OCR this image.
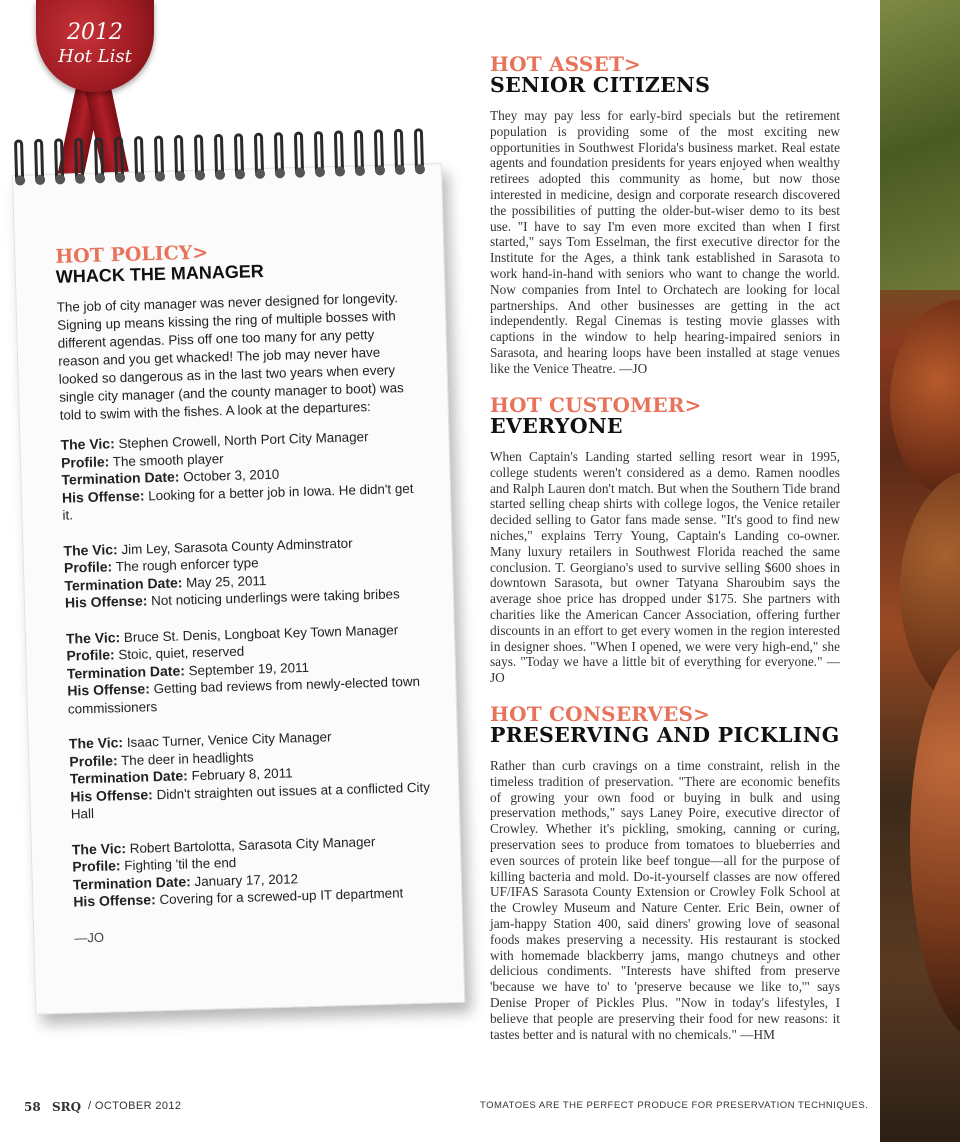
2012
Hot List
HOT POLICY>
WHACK THE MANAGER
The job of city manager was never designed for longevity. Signing up means kissing the ring of multiple bosses with different agendas. Piss off one too many for any petty reason and you get whacked! The job may never have looked so dangerous as in the last two years when every single city manager (and the county manager to boot) was told to swim with the fishes. A look at the departures:
The Vic: Stephen Crowell, North Port City Manager
Profile: The smooth player
Termination Date: October 3, 2010
His Offense: Looking for a better job in Iowa. He didn't get it.
The Vic: Jim Ley, Sarasota County Adminstrator
Profile: The rough enforcer type
Termination Date: May 25, 2011
His Offense: Not noticing underlings were taking bribes
The Vic: Bruce St. Denis, Longboat Key Town Manager
Profile: Stoic, quiet, reserved
Termination Date: September 19, 2011
His Offense: Getting bad reviews from newly-elected town commissioners
The Vic: Isaac Turner, Venice City Manager
Profile: The deer in headlights
Termination Date: February 8, 2011
His Offense: Didn't straighten out issues at a conflicted City Hall
The Vic: Robert Bartolotta, Sarasota City Manager
Profile: Fighting 'til the end
Termination Date: January 17, 2012
His Offense: Covering for a screwed-up IT department
—JO
HOT ASSET>
SENIOR CITIZENS

They may pay less for early-bird specials but the retirement population is providing some of the most exciting new opportunities in Southwest Florida's business market. Real estate agents and foundation presidents for years enjoyed when wealthy retirees adopted this community as home, but now those interested in medicine, design and corporate research discovered the possibilities of putting the older-but-wiser demo to its best use. "I have to say I'm even more excited than when I first started," says Tom Esselman, the first executive director for the Institute for the Ages, a think tank established in Sarasota to work hand-in-hand with seniors who want to change the world. Now companies from Intel to Orchatech are looking for local partnerships. And other businesses are getting in the act independently. Regal Cinemas is testing movie glasses with captions in the window to help hearing-impaired seniors in Sarasota, and hearing loops have been installed at stage venues like the Venice Theatre. —JO

HOT CUSTOMER>
EVERYONE

When Captain's Landing started selling resort wear in 1995, college students weren't considered as a demo. Ramen noodles and Ralph Lauren don't match. But when the Southern Tide brand started selling cheap shirts with college logos, the Venice retailer decided selling to Gator fans made sense. "It's good to find new niches," explains Terry Young, Captain's Landing co-owner. Many luxury retailers in Southwest Florida reached the same conclusion. T. Georgiano's used to survive selling $600 shoes in downtown Sarasota, but owner Tatyana Sharoubim says the average shoe price has dropped under $175. She partners with charities like the American Cancer Association, offering further discounts in an effort to get every women in the region interested in designer shoes. "When I opened, we were very high-end," she says. "Today we have a little bit of everything for everyone." —JO

HOT CONSERVES>
PRESERVING AND PICKLING

Rather than curb cravings on a time constraint, relish in the timeless tradition of preservation. "There are economic benefits of growing your own food or buying in bulk and using preservation methods," says Laney Poire, executive director of Crowley. Whether it's pickling, smoking, canning or curing, preservation sees to produce from tomatoes to blueberries and even sources of protein like beef tongue—all for the purpose of killing bacteria and mold. Do-it-yourself classes are now offered UF/IFAS Sarasota County Extension or Crowley Folk School at the Crowley Museum and Nature Center. Eric Bein, owner of jam-happy Station 400, said diners' growing love of seasonal foods makes preserving a necessity. His restaurant is stocked with homemade blackberry jams, mango chutneys and other delicious condiments. "Interests have shifted from preserve 'because we have to' to 'preserve because we like to,'" says Denise Proper of Pickles Plus. "Now in today's lifestyles, I believe that people are preserving their food for new reasons: it tastes better and is natural with no chemicals." —HM

58 SRQ / OCTOBER 2012	TOMATOES ARE THE PERFECT PRODUCE FOR PRESERVATION TECHNIQUES.
